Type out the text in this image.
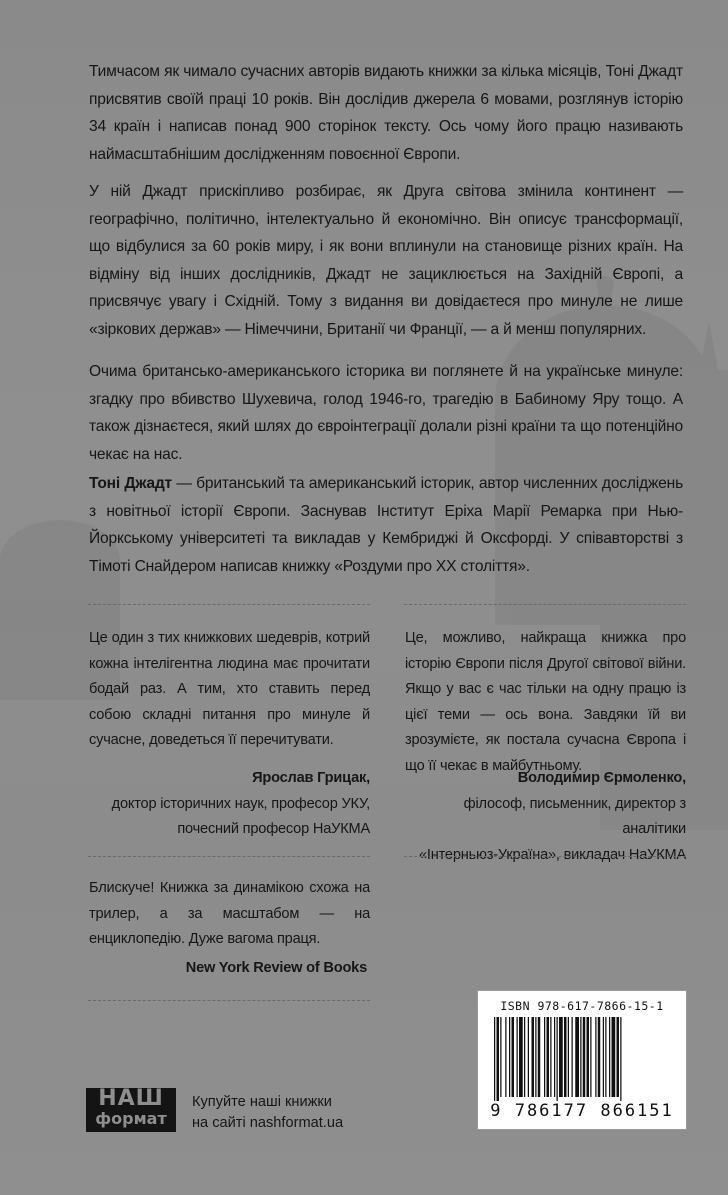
Тимчасом як чимало сучасних авторів видають книжки за кілька місяців, Тоні Джадт присвятив своїй праці 10 років. Він дослідив джерела 6 мовами, розглянув історію 34 країн і написав понад 900 сторінок тексту. Ось чому його працю називають наймасштабнішим дослідженням повоєнної Європи.

У ній Джадт прискіпливо розбирає, як Друга світова змінила континент — географічно, політично, інтелектуально й економічно. Він описує трансформації, що відбулися за 60 років миру, і як вони вплинули на становище різних країн. На відміну від інших дослідників, Джадт не зациклюється на Західній Європі, а присвячує увагу і Східній. Тому з видання ви довідаєтеся про минуле не лише «зіркових держав» — Німеччини, Британії чи Франції, — а й менш популярних.

Очима британсько-американського історика ви поглянете й на українське минуле: згадку про вбивство Шухевича, голод 1946-го, трагедію в Бабиному Яру тощо. А також дізнаєтеся, який шлях до євроінтеграції долали різні країни та що потенційно чекає на нас.

Тоні Джадт — британський та американський історик, автор численних досліджень з новітньої історії Європи. Заснував Інститут Еріха Марії Ремарка при Нью-Йоркському університеті та викладав у Кембриджі й Оксфорді. У співавторстві з Тімоті Снайдером написав книжку «Роздуми про XX століття».

Це один з тих книжкових шедеврів, котрий кожна інтелігентна людина має прочитати бодай раз. А тим, хто ставить перед собою складні питання про минуле й сучасне, доведеться її перечитувати.

Ярослав Грицак,
доктор історичних наук, професор УКУ,
почесний професор НаУКМА

Це, можливо, найкраща книжка про історію Європи після Другої світової війни. Якщо у вас є час тільки на одну працю із цієї теми — ось вона. Завдяки їй ви зрозумієте, як постала сучасна Європа і що її чекає в майбутньому.

Володимир Єрмоленко,
філософ, письменник, директор з аналітики
«Інтерньюз-Україна», викладач НаУКМА

Блискуче! Книжка за динамікою схожа на трилер, а за масштабом — на енциклопедію. Дуже вагома праця.

New York Review of Books
ISBN 978-617-7866-15-1
9 786177 866151
НАШ
формат

Купуйте наші книжки
на сайті nashformat.ua
